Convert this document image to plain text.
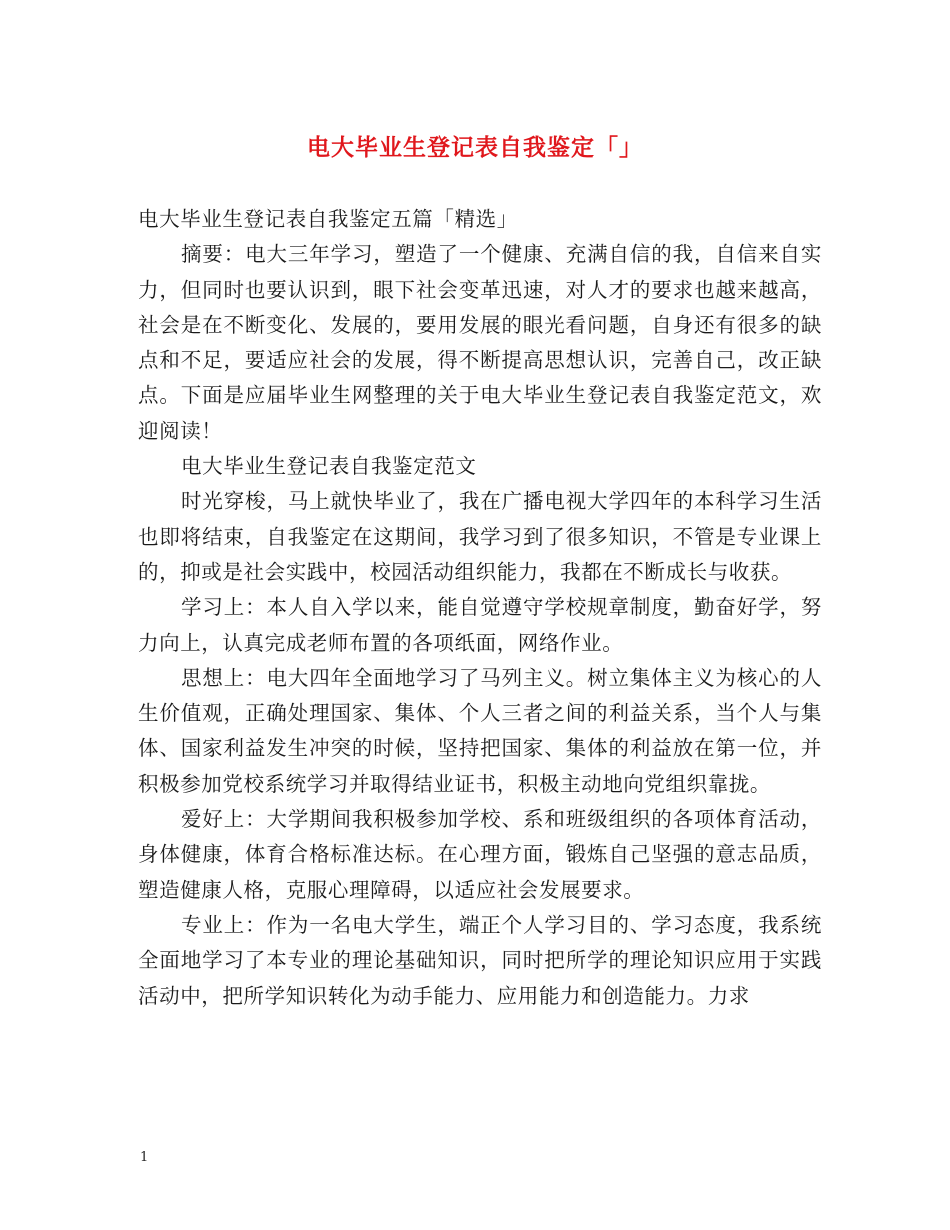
电大毕业生登记表自我鉴定「」

电大毕业生登记表自我鉴定五篇「精选」

摘要：电大三年学习，塑造了一个健康、充满自信的我，自信来自实力，但同时也要认识到，眼下社会变革迅速，对人才的要求也越来越高，社会是在不断变化、发展的，要用发展的眼光看问题，自身还有很多的缺点和不足，要适应社会的发展，得不断提高思想认识，完善自己，改正缺点。下面是应届毕业生网整理的关于电大毕业生登记表自我鉴定范文，欢迎阅读！

电大毕业生登记表自我鉴定范文

时光穿梭，马上就快毕业了，我在广播电视大学四年的本科学习生活也即将结束，自我鉴定在这期间，我学习到了很多知识，不管是专业课上的，抑或是社会实践中，校园活动组织能力，我都在不断成长与收获。

学习上：本人自入学以来，能自觉遵守学校规章制度，勤奋好学，努力向上，认真完成老师布置的各项纸面，网络作业。

思想上：电大四年全面地学习了马列主义。树立集体主义为核心的人生价值观，正确处理国家、集体、个人三者之间的利益关系，当个人与集体、国家利益发生冲突的时候，坚持把国家、集体的利益放在第一位，并积极参加党校系统学习并取得结业证书，积极主动地向党组织靠拢。

爱好上：大学期间我积极参加学校、系和班级组织的各项体育活动，身体健康，体育合格标准达标。在心理方面，锻炼自己坚强的意志品质，塑造健康人格，克服心理障碍，以适应社会发展要求。

专业上：作为一名电大学生，端正个人学习目的、学习态度，我系统全面地学习了本专业的理论基础知识，同时把所学的理论知识应用于实践活动中，把所学知识转化为动手能力、应用能力和创造能力。力求

1
